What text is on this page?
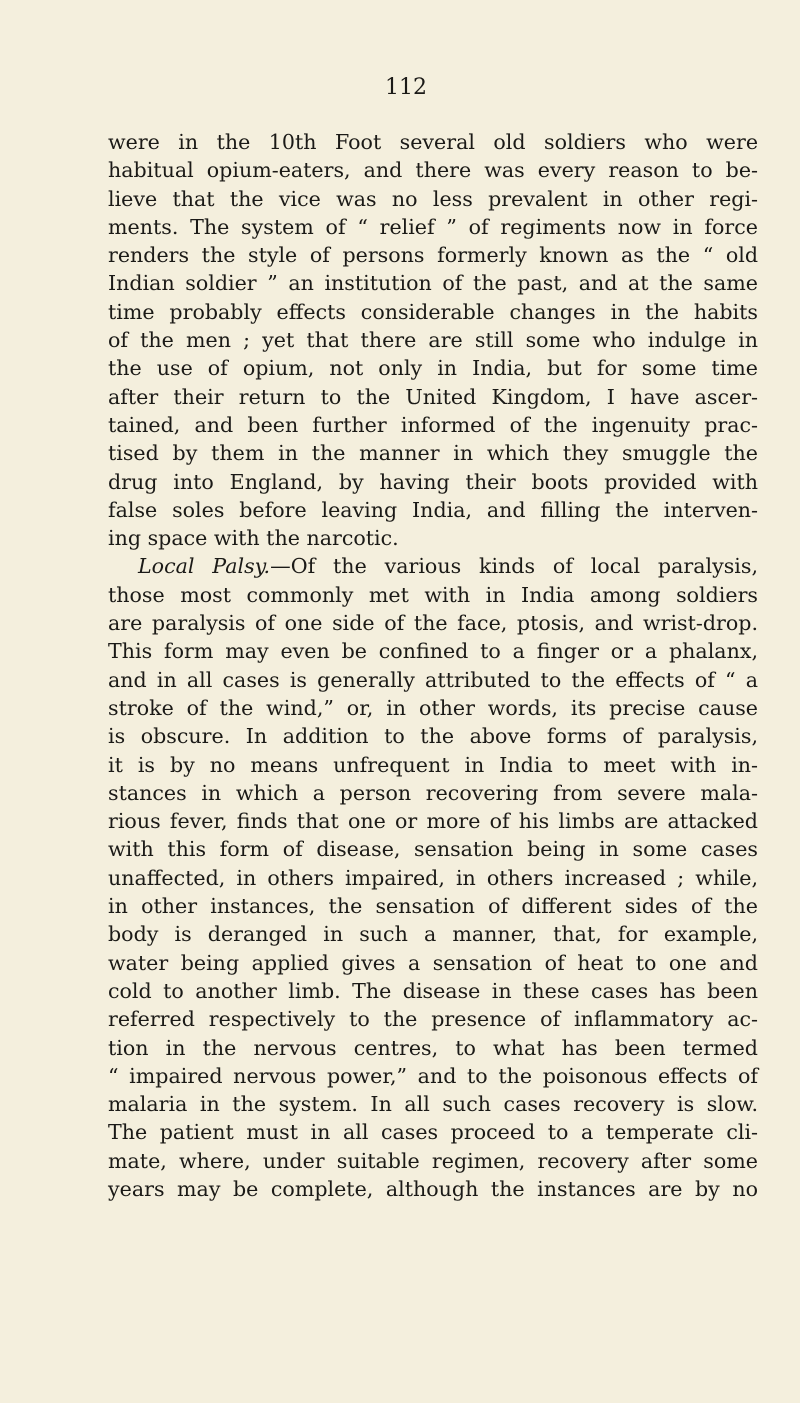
112
were in the 10th Foot several old soldiers who were
habitual opium-eaters, and there was every reason to be-
lieve that the vice was no less prevalent in other regi-
ments. The system of “ relief ” of regiments now in force
renders the style of persons formerly known as the “ old
Indian soldier ” an institution of the past, and at the same
time probably effects considerable changes in the habits
of the men ; yet that there are still some who indulge in
the use of opium, not only in India, but for some time
after their return to the United Kingdom, I have ascer-
tained, and been further informed of the ingenuity prac-
tised by them in the manner in which they smuggle the
drug into England, by having their boots provided with
false soles before leaving India, and filling the interven-
ing space with the narcotic.
Local Palsy.—Of the various kinds of local paralysis,
those most commonly met with in India among soldiers
are paralysis of one side of the face, ptosis, and wrist-drop.
This form may even be confined to a finger or a phalanx,
and in all cases is generally attributed to the effects of “ a
stroke of the wind,” or, in other words, its precise cause
is obscure. In addition to the above forms of paralysis,
it is by no means unfrequent in India to meet with in-
stances in which a person recovering from severe mala-
rious fever, finds that one or more of his limbs are attacked
with this form of disease, sensation being in some cases
unaffected, in others impaired, in others increased ; while,
in other instances, the sensation of different sides of the
body is deranged in such a manner, that, for example,
water being applied gives a sensation of heat to one and
cold to another limb. The disease in these cases has been
referred respectively to the presence of inflammatory ac-
tion in the nervous centres, to what has been termed
“ impaired nervous power,” and to the poisonous effects of
malaria in the system. In all such cases recovery is slow.
The patient must in all cases proceed to a temperate cli-
mate, where, under suitable regimen, recovery after some
years may be complete, although the instances are by no
